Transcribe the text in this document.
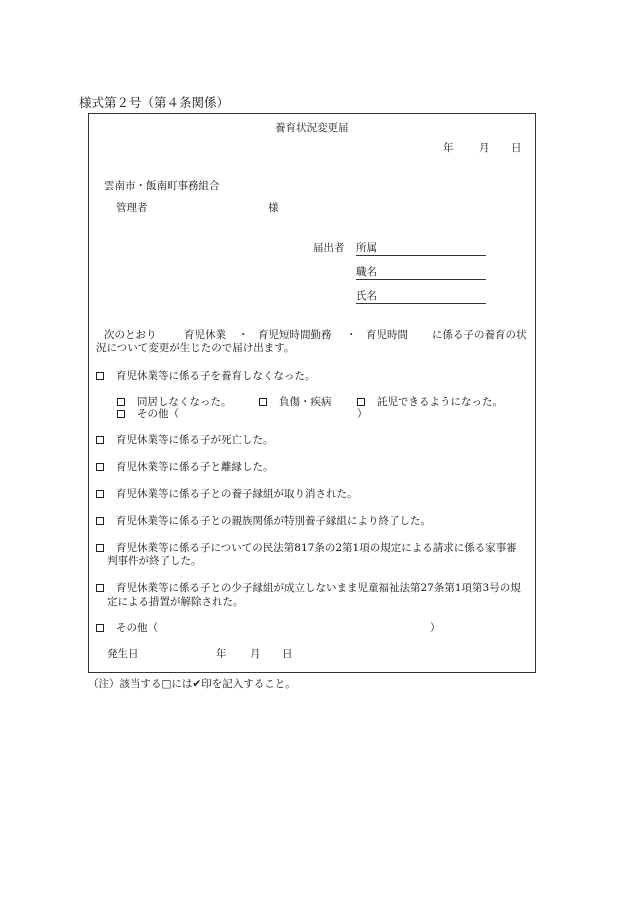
様式第２号（第４条関係）
養育状況変更届
年 月 日
雲南市・飯南町事務組合
管理者	様
届出者 所属
職名
氏名
次のとおり	育児休業 ・ 育児短時間勤務 ・ 育児時間 に係る子の養育の状
況について変更が生じたので届け出ます。
育児休業等に係る子を養育しなくなった。
同居しなくなった。	負傷・疾病	託児できるようになった。
その他（	）
育児休業等に係る子が死亡した。
育児休業等に係る子と離縁した。
育児休業等に係る子との養子縁組が取り消された。
育児休業等に係る子との親族関係が特別養子縁組により終了した。
育児休業等に係る子についての民法第817条の2第1項の規定による請求に係る家事審
判事件が終了した。
育児休業等に係る子との少子縁組が成立しないまま児童福祉法第27条第1項第3号の規
定による措置が解除された。
その他（	）
発生日	年 月 日
（注）該当する□には✔印を記入すること。
